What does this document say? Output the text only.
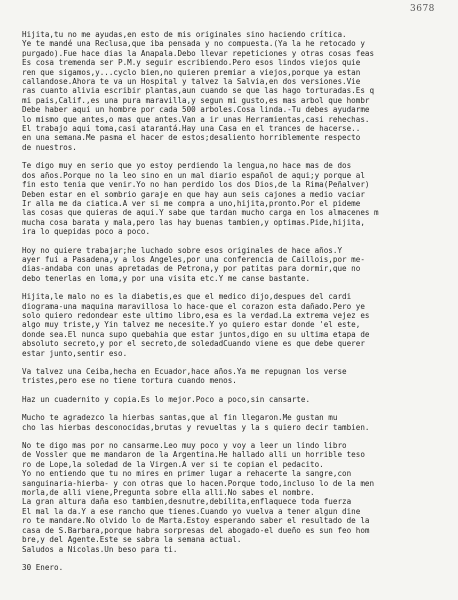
3678
Hijita,tu no me ayudas,en esto de mis originales sino haciendo crítica.
Ye te mandé una Reclusa,que iba pensada y no compuesta.(Ya la he retocado y
purgado).Fue hace dias la Anapala.Debo llevar repeticiones y otras cosas feas
Es cosa tremenda ser P.M.y seguir escribiendo.Pero esos lindos viejos quie
ren que sigamos,y...cyclo bien,no quieren premiar a viejos,porque ya estan
callandose.Ahora te va un Hospital y talvez la Salvia,en dos versiones.Vie
ras cuanto alivia escribir plantas,aun cuando se que las hago torturadas.Es q
mi pais,Calif.,es una pura maravilla,y segun mi gusto,es mas arbol que hombr
Debe haber aqui un hombre por cada 500 arboles.Cosa linda.-Tu debes ayudarme
lo mismo que antes,o mas que antes.Van a ir unas Herramientas,casi rehechas.
El trabajo aqui toma,casi atarantá.Hay una Casa en el trances de hacerse..
en una semana.Me pasma el hacer de estos;desaliento horriblemente respecto
de nuestros.
Te digo muy en serio que yo estoy perdiendo la lengua,no hace mas de dos
dos años.Porque no la leo sino en un mal diario español de aqui;y porque al
fin esto tenia que venir.Yo no han perdido los dos Dios,de la Rima(Peñalver)
Deben estar en el sombrio garaje en que hay aun seis cajones a medio vaciar
Ir alla me da ciatica.A ver si me compra a uno,hijita,pronto.Por el pideme
las cosas que quieras de aqui.Y sabe que tardan mucho carga en los almacenes m
mucha cosa barata y mala,pero las hay buenas tambien,y optimas.Pide,hijita,
ira lo quepidas poco a poco.
Hoy no quiere trabajar;he luchado sobre esos originales de hace años.Y
ayer fui a Pasadena,y a los Angeles,por una conferencia de Caillois,por me-
dias-andaba con unas apretadas de Petrona,y por patitas para dormir,que no
debo tenerlas en loma,y por una visita etc.Y me canse bastante.
Hijita,le malo no es la diabetis,es que el medico dijo,despues del cardi
diograma-una maquina maravillosa lo hace-que el corazon esta dañado.Pero ye
solo quiero redondear este ultimo libro,esa es la verdad.La extrema vejez es
algo muy triste,y Yin talvez me necesite.Y yo quiero estar donde 'el este,
donde sea.El nunca supo quebahia que estar juntos,digo en su ultima etapa de
absoluto secreto,y por el secreto,de soledadCuando viene es que debe querer
estar junto,sentir eso.
Va talvez una Ceiba,hecha en Ecuador,hace años.Ya me repugnan los verse
tristes,pero ese no tiene tortura cuando menos.
Haz un cuadernito y copia.Es lo mejor.Poco a poco,sin cansarte.
Mucho te agradezco la hierbas santas,que al fin llegaron.Me gustan mu
cho las hierbas desconocidas,brutas y revueltas y la s quiero decir tambien.
No te digo mas por no cansarme.Leo muy poco y voy a leer un lindo libro
de Vossler que me mandaron de la Argentina.He hallado alli un horrible teso
ro de Lope,la soledad de la Virgen.A ver si te copian el pedacito.
Yo no entiendo que tu no mires en primer lugar a rehacerte la sangre,con
sanguinaria-hierba- y con otras que lo hacen.Porque todo,incluso lo de la men
morla,de alli viene,Pregunta sobre ella alli.No sabes el nombre.
La gran altura daña eso tambien,desnutre,debilita,enflaquece toda fuerza
El mal la da.Y a ese rancho que tienes.Cuando yo vuelva a tener algun dine
ro te mandare.No olvido lo de Marta.Estoy esperando saber el resultado de la
casa de S.Barbara,porque habra sorpresas del abogado-el dueño es sun feo hom
bre,y del Agente.Este se sabra la semana actual.
Saludos a Nicolas.Un beso para ti.
30 Enero.
